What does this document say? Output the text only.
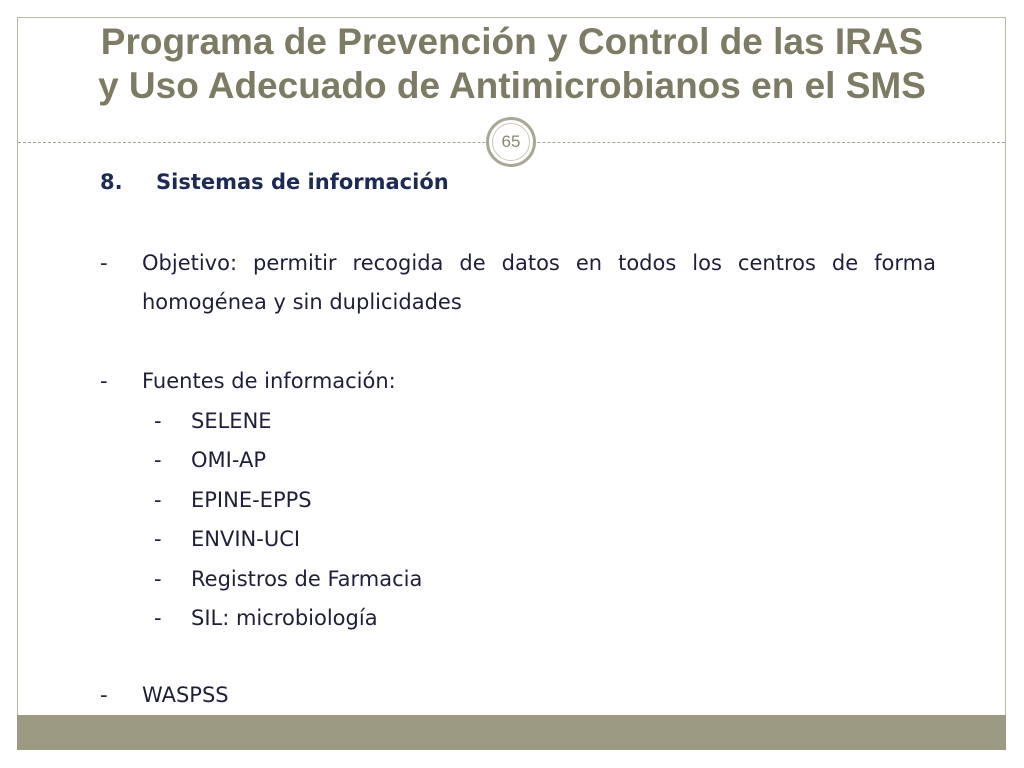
Programa de Prevención y Control de las IRAS
y Uso Adecuado de Antimicrobianos en el SMS
65
8. Sistemas de información
- Objetivo: permitir recogida de datos en todos los centros de forma homogénea y sin duplicidades
- Fuentes de información:
- SELENE
- OMI-AP
- EPINE-EPPS
- ENVIN-UCI
- Registros de Farmacia
- SIL: microbiología
- WASPSS
